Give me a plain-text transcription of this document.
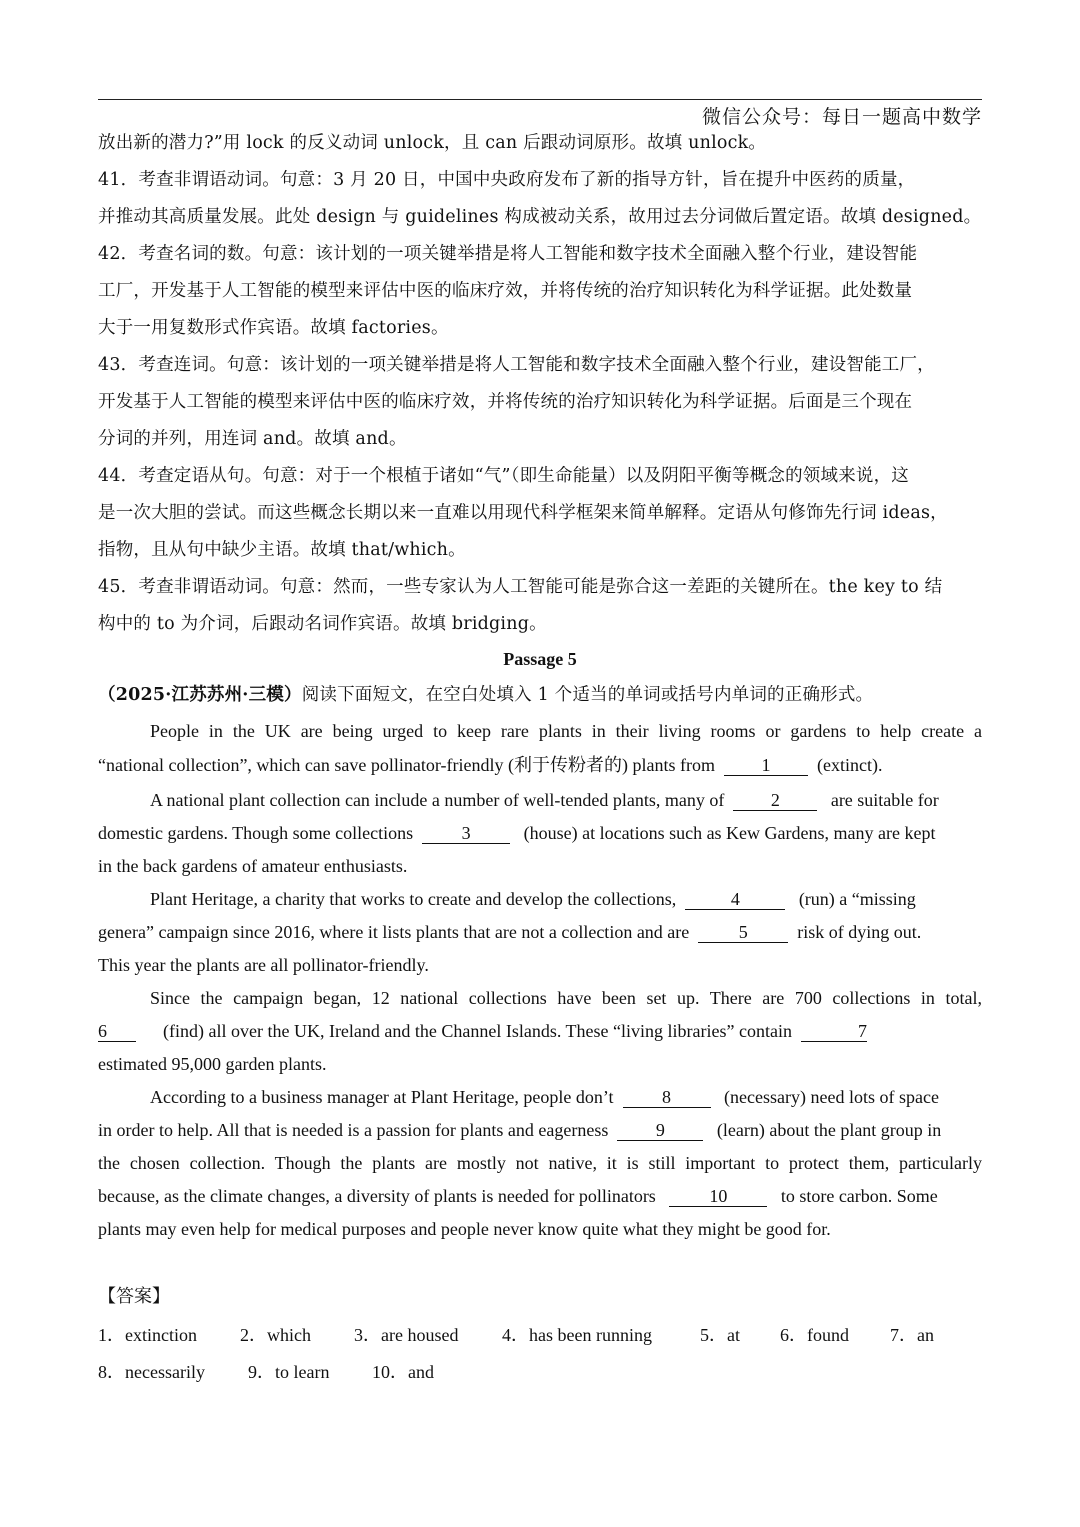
微信公众号：每日一题高中数学
放出新的潜力?”用 lock 的反义动词 unlock，且 can 后跟动词原形。故填 unlock。
41．考查非谓语动词。句意：3 月 20 日，中国中央政府发布了新的指导方针，旨在提升中医药的质量，
并推动其高质量发展。此处 design 与 guidelines 构成被动关系，故用过去分词做后置定语。故填 designed。
42．考查名词的数。句意：该计划的一项关键举措是将人工智能和数字技术全面融入整个行业，建设智能
工厂，开发基于人工智能的模型来评估中医的临床疗效，并将传统的治疗知识转化为科学证据。此处数量
大于一用复数形式作宾语。故填 factories。
43．考查连词。句意：该计划的一项关键举措是将人工智能和数字技术全面融入整个行业，建设智能工厂，
开发基于人工智能的模型来评估中医的临床疗效，并将传统的治疗知识转化为科学证据。后面是三个现在
分词的并列，用连词 and。故填 and。
44．考查定语从句。句意：对于一个根植于诸如“气”（即生命能量）以及阴阳平衡等概念的领域来说，这
是一次大胆的尝试。而这些概念长期以来一直难以用现代科学框架来简单解释。定语从句修饰先行词 ideas，
指物，且从句中缺少主语。故填 that/which。
45．考查非谓语动词。句意：然而，一些专家认为人工智能可能是弥合这一差距的关键所在。the key to 结
构中的 to 为介词，后跟动名词作宾语。故填 bridging。
Passage 5
（2025·江苏苏州·三模）阅读下面短文，在空白处填入 1 个适当的单词或括号内单词的正确形式。
People in the UK are being urged to keep rare plants in their living rooms or gardens to help create a
“national collection”, which can save pollinator-friendly (利于传粉者的) plants from	1	(extinct).
A national plant collection can include a number of well-tended plants, many of	2	are suitable for
domestic gardens. Though some collections	3	(house) at locations such as Kew Gardens, many are kept
in the back gardens of amateur enthusiasts.
Plant Heritage, a charity that works to create and develop the collections,	4	(run) a “missing
genera” campaign since 2016, where it lists plants that are not a collection and are	5	risk of dying out.
This year the plants are all pollinator-friendly.
Since the campaign began, 12 national collections have been set up. There are 700 collections in total,
6	(find) all over the UK, Ireland and the Channel Islands. These “living libraries” contain	7
estimated 95,000 garden plants.
According to a business manager at Plant Heritage, people don’t	8	(necessary) need lots of space
in order to help. All that is needed is a passion for plants and eagerness	9	(learn) about the plant group in
the chosen collection. Though the plants are mostly not native, it is still important to protect them, particularly
because, as the climate changes, a diversity of plants is needed for pollinators	10	to store carbon. Some
plants may even help for medical purposes and people never know quite what they might be good for.
【答案】
1．extinction 2．which 3．are housed 4．has been running	5．at 6．found 7．an
8．necessarily 9．to learn 10．and
